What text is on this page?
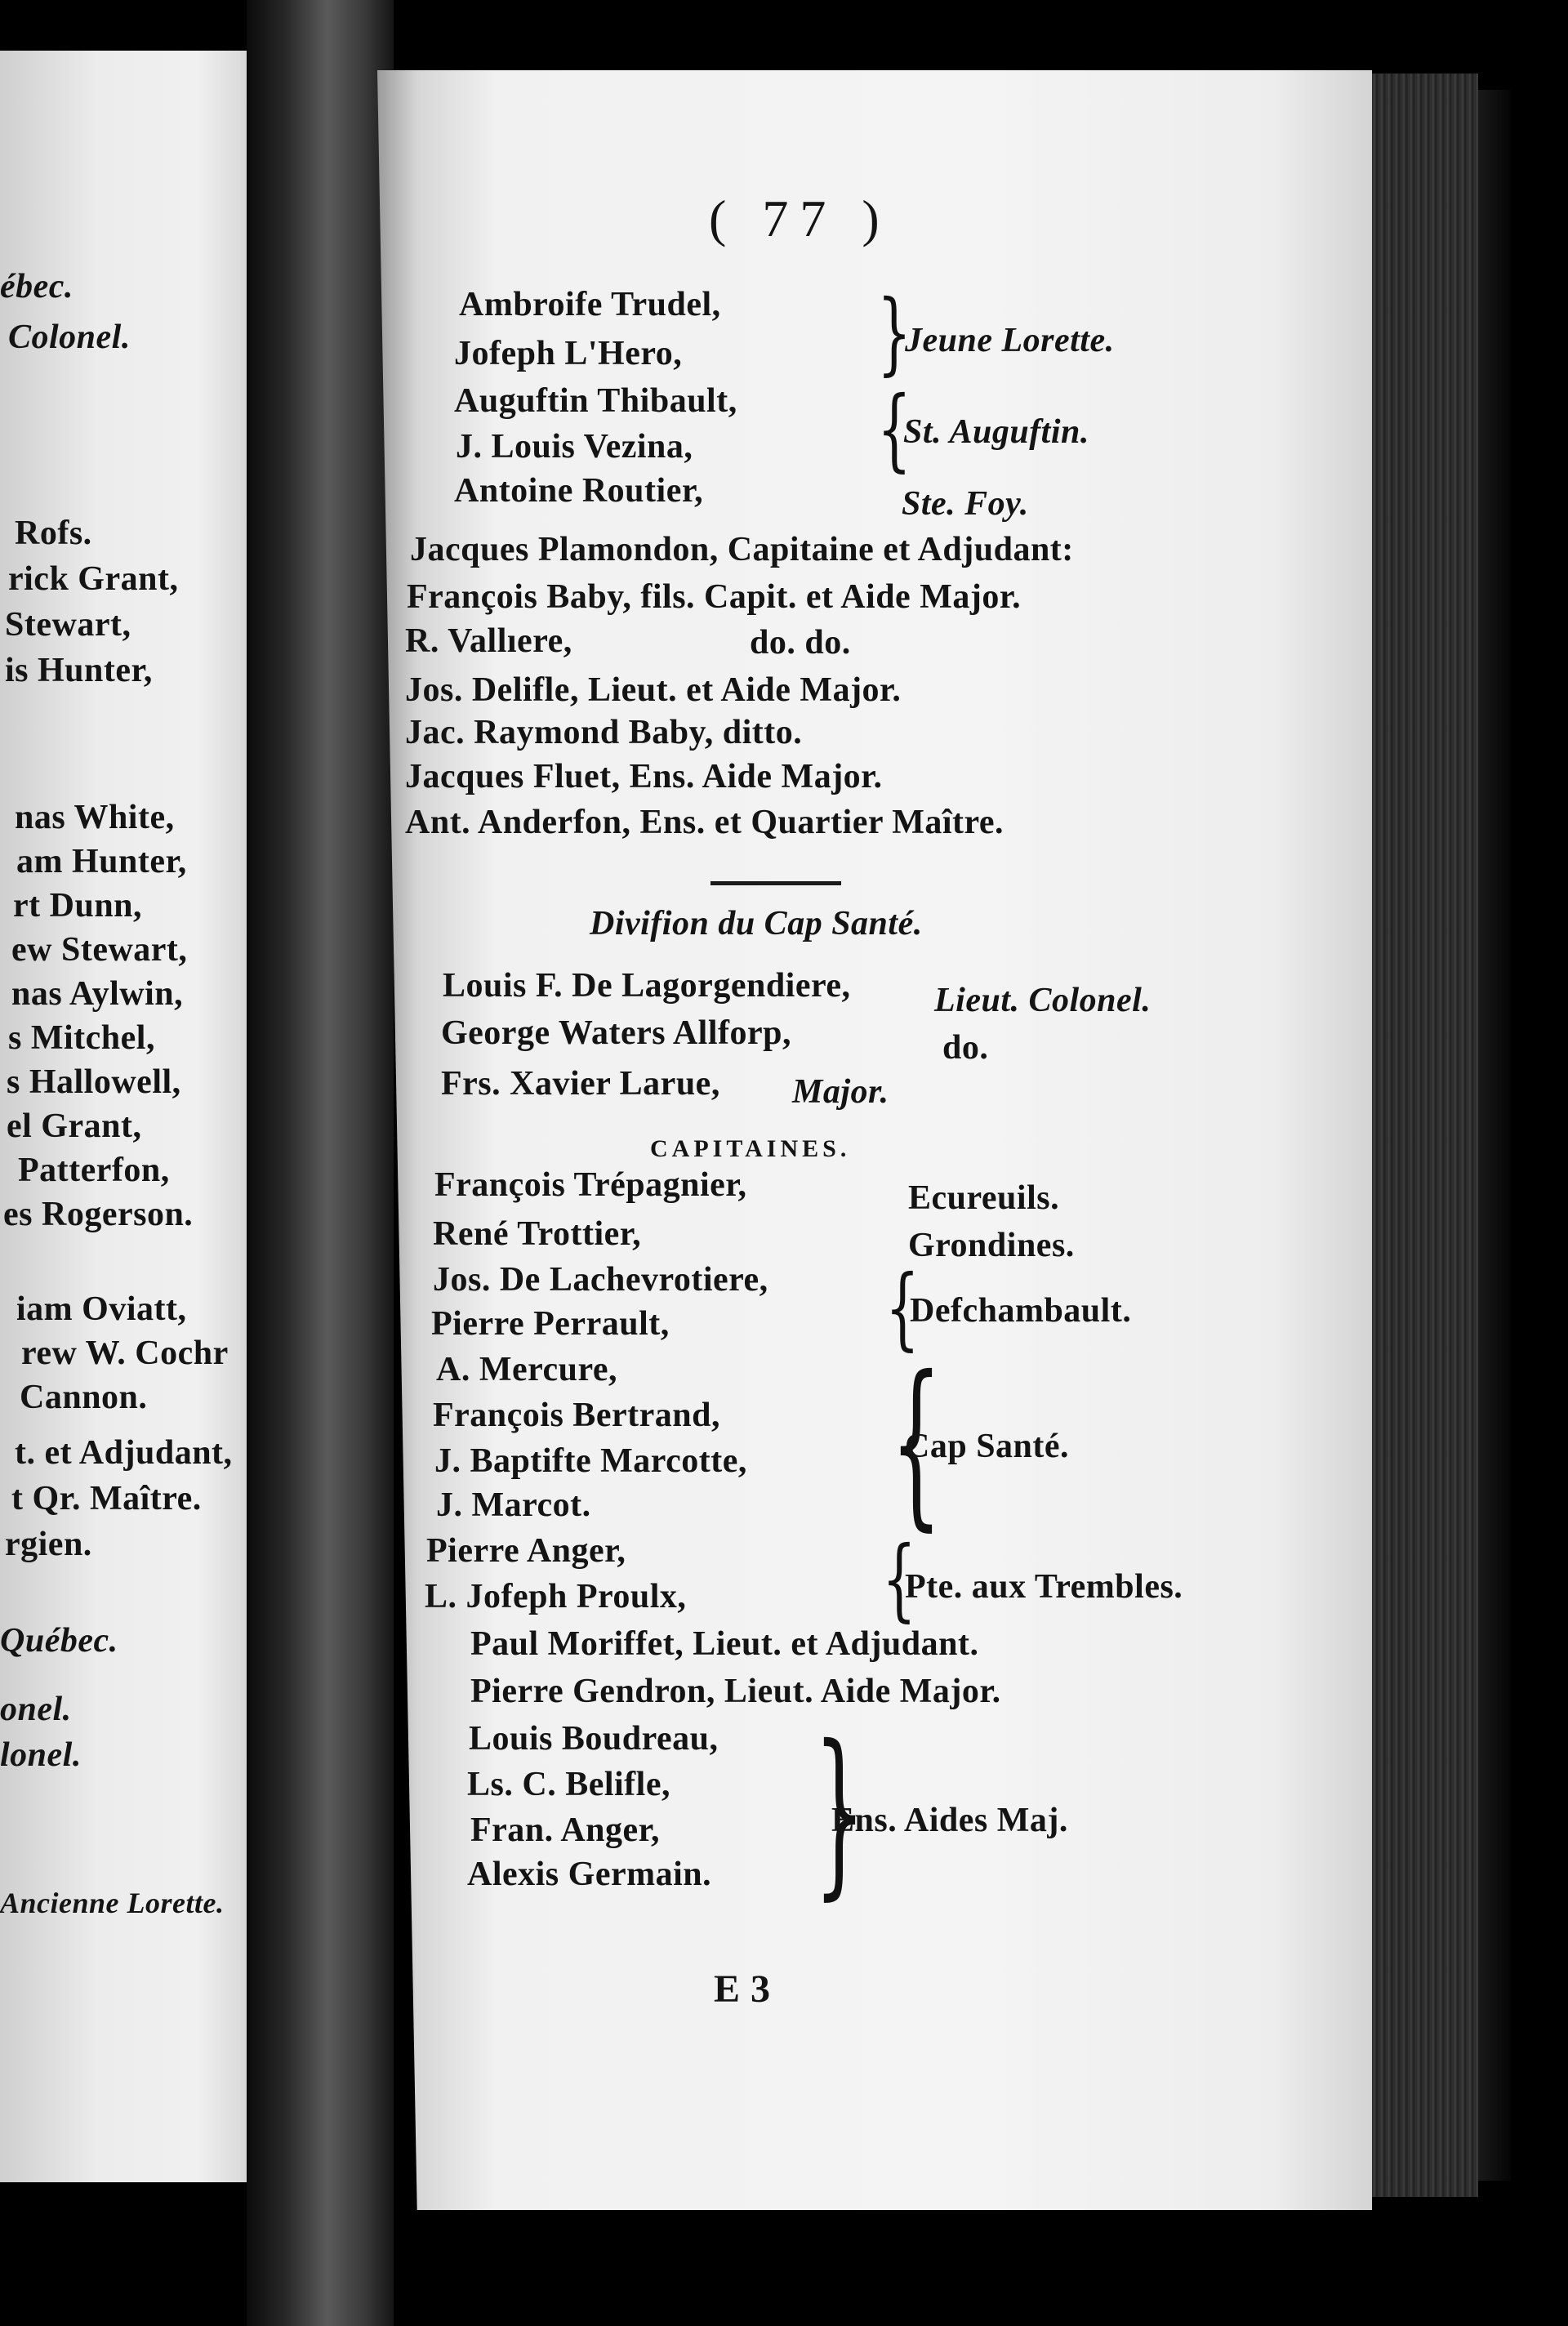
ébec.
Colonel.
Rofs.
rick Grant,
Stewart,
is Hunter,
nas White,
am Hunter,
rt Dunn,
ew Stewart,
nas Aylwin,
s Mitchel,
s Hallowell,
el Grant,
Patterfon,
es Rogerson.
iam Oviatt,
rew W. Cochr
Cannon.
t. et Adjudant,
t Qr. Maître.
rgien.
Québec.
onel.
lonel.
Ancienne Lorette.
( 77 )
Ambroife Trudel,
Jofeph L'Hero,
Auguftin Thibault,
J. Louis Vezina,
Antoine Routier,
}
{
Jeune Lorette.
St. Auguftin.
Ste. Foy.
Jacques Plamondon, Capitaine et Adjudant:
François Baby, fils. Capit. et Aide Major.
R. Vallıere,	do. do.
Jos. Delifle, Lieut. et Aide Major.
Jac. Raymond Baby, ditto.
Jacques Fluet, Ens. Aide Major.
Ant. Anderfon, Ens. et Quartier Maître.
Divifion du Cap Santé.
Louis F. De Lagorgendiere, Lieut. Colonel.
George Waters Allforp,	do.
Frs. Xavier Larue, Major.
CAPITAINES.
François Trépagnier,
René Trottier,
Jos. De Lachevrotiere,
Pierre Perrault,
A. Mercure,
François Bertrand,
J. Baptifte Marcotte,
J. Marcot.
Pierre Anger,
L. Jofeph Proulx,
Ecureuils.
Grondines.
{
Defchambault.
{
Cap Santé.
{
Pte. aux Trembles.
Paul Moriffet, Lieut. et Adjudant.
Pierre Gendron, Lieut. Aide Major.
Louis Boudreau,
Ls. C. Belifle,
Fran. Anger,
Alexis Germain. }
Ens. Aides Maj.
E 3
